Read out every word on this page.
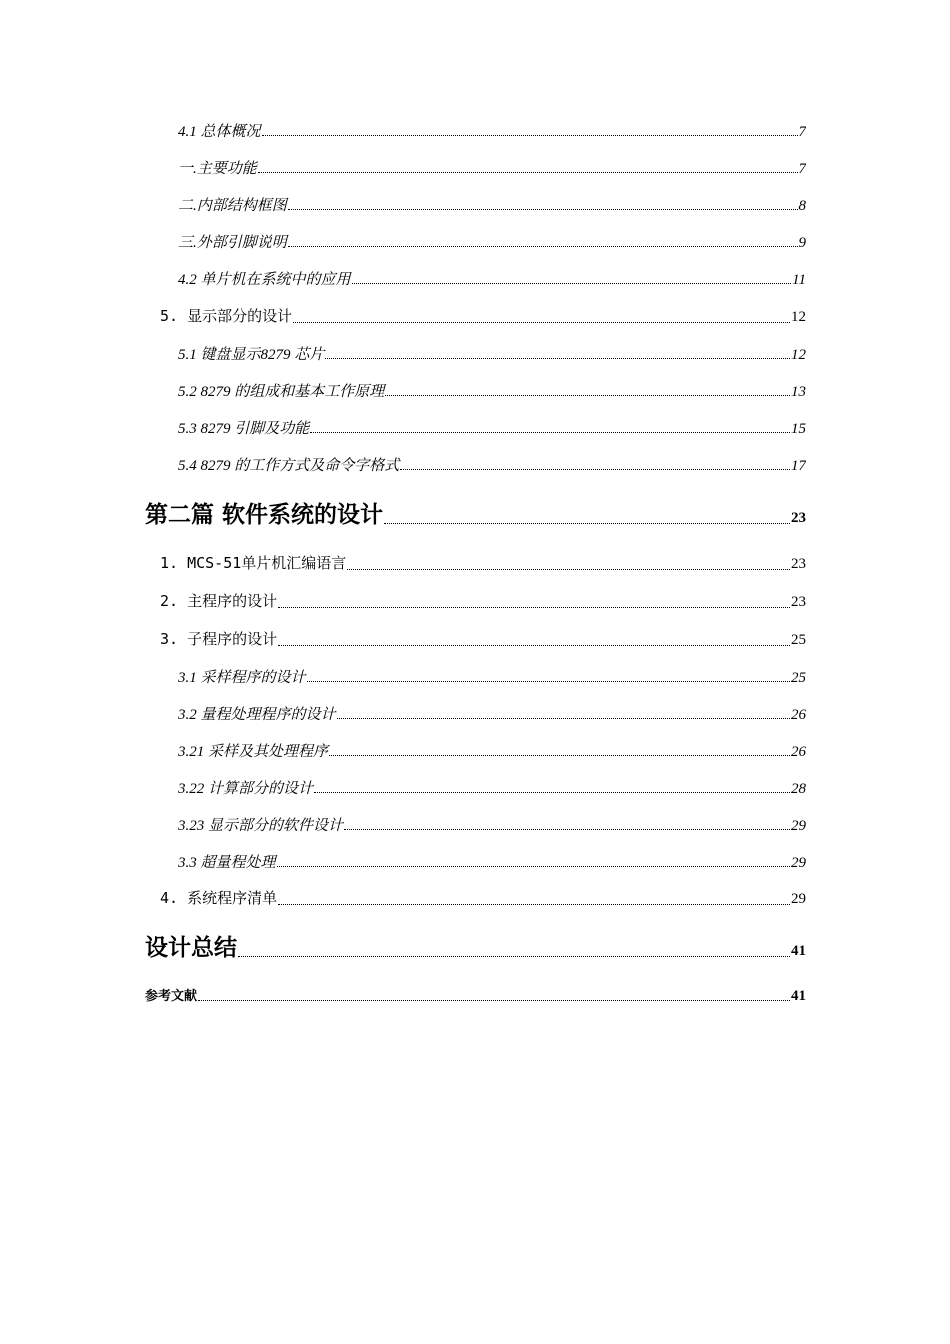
4.1 总体概况	7
一.主要功能	7
二.内部结构框图	8
三.外部引脚说明	9
4.2 单片机在系统中的应用	11
5. 显示部分的设计	12
5.1 键盘显示8279 芯片	12
5.2 8279 的组成和基本工作原理	13
5.3 8279 引脚及功能	15
5.4 8279 的工作方式及命令字格式	17
第二篇 软件系统的设计	23
1. MCS-51单片机汇编语言	23
2. 主程序的设计	23
3. 子程序的设计	25
3.1 采样程序的设计	25
3.2 量程处理程序的设计	26
3.21 采样及其处理程序	26
3.22 计算部分的设计	28
3.23 显示部分的软件设计	29
3.3 超量程处理	29
4. 系统程序清单	29
设计总结	41
参考文献	41
